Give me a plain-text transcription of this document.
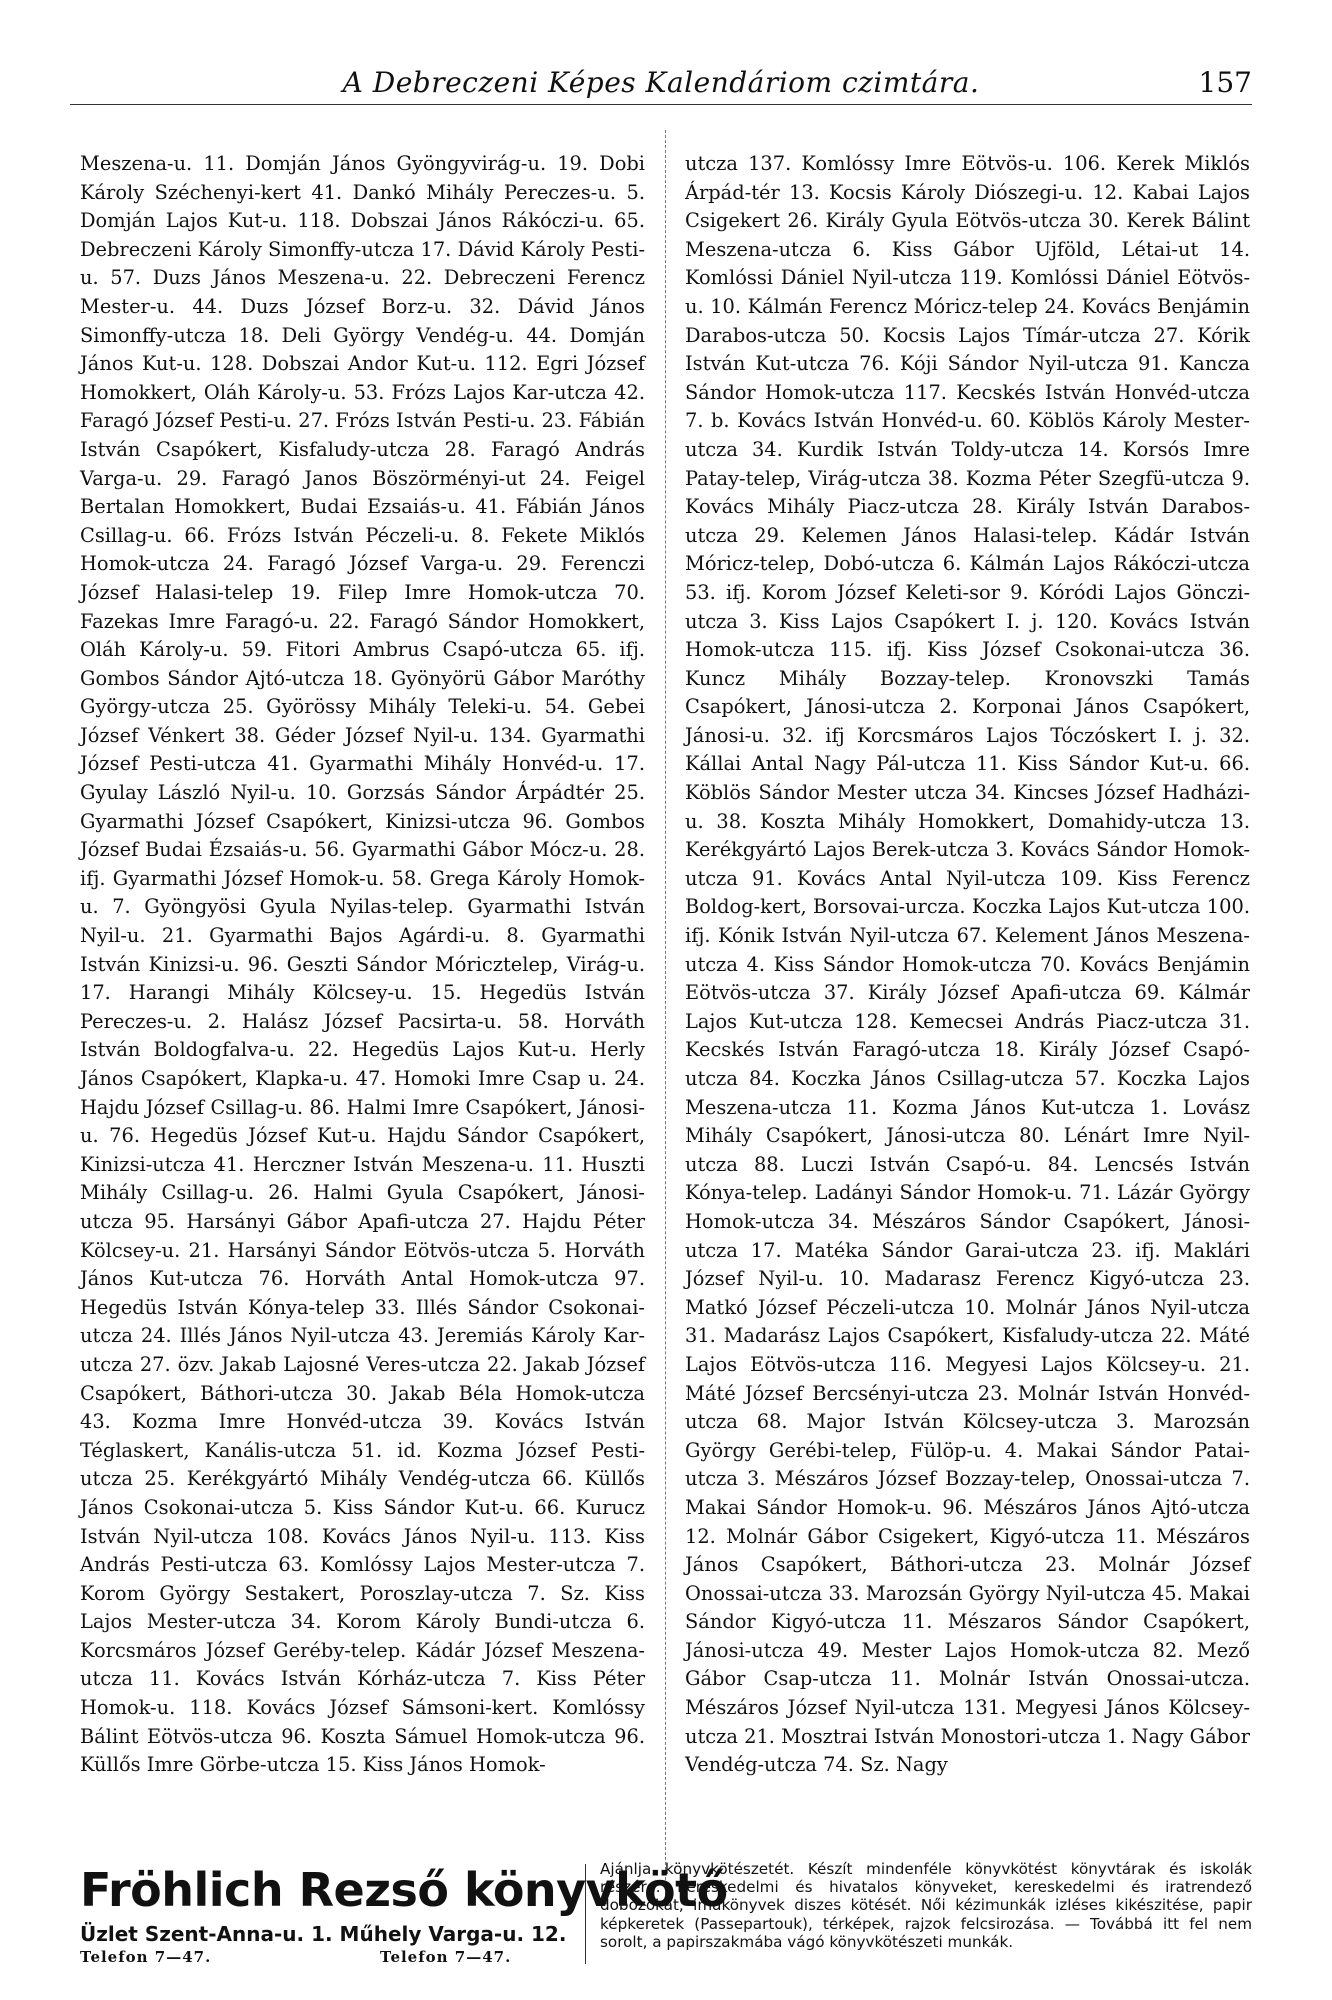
A Debreczeni Képes Kalendáriom czimtára.	157
Meszena-u. 11. Domján János Gyöngyvirág-u. 19. Dobi Károly Széchenyi-kert 41. Dankó Mihály Pereczes-u. 5. Domján Lajos Kut-u. 118. Dobszai János Rákóczi-u. 65. Debreczeni Károly Simonffy-utcza 17. Dávid Károly Pesti-u. 57. Duzs János Meszena-u. 22. Debreczeni Ferencz Mester-u. 44. Duzs József Borz-u. 32. Dávid János Simonffy-utcza 18. Deli György Vendég-u. 44. Domján János Kut-u. 128. Dobszai Andor Kut-u. 112. Egri József Homokkert, Oláh Károly-u. 53. Frózs Lajos Kar-utcza 42. Faragó József Pesti-u. 27. Frózs István Pesti-u. 23. Fábián István Csapókert, Kisfaludy-utcza 28. Faragó András Varga-u. 29. Faragó Janos Böszörményi-ut 24. Feigel Bertalan Homokkert, Budai Ezsaiás-u. 41. Fábián János Csillag-u. 66. Frózs István Péczeli-u. 8. Fekete Miklós Homok-utcza 24. Faragó József Varga-u. 29. Ferenczi József Halasi-telep 19. Filep Imre Homok-utcza 70. Fazekas Imre Faragó-u. 22. Faragó Sándor Homokkert, Oláh Károly-u. 59. Fitori Ambrus Csapó-utcza 65. ifj. Gombos Sándor Ajtó-utcza 18. Gyönyörü Gábor Maróthy György-utcza 25. Györössy Mihály Teleki-u. 54. Gebei József Vénkert 38. Géder József Nyil-u. 134. Gyarmathi József Pesti-utcza 41. Gyarmathi Mihály Honvéd-u. 17. Gyulay László Nyil-u. 10. Gorzsás Sándor Árpádtér 25. Gyarmathi József Csapókert, Kinizsi-utcza 96. Gombos József Budai Ézsaiás-u. 56. Gyarmathi Gábor Mócz-u. 28. ifj. Gyarmathi József Homok-u. 58. Grega Károly Homok-u. 7. Gyöngyösi Gyula Nyilas-telep. Gyarmathi István Nyil-u. 21. Gyarmathi Bajos Agárdi-u. 8. Gyarmathi István Kinizsi-u. 96. Geszti Sándor Móricztelep, Virág-u. 17. Harangi Mihály Kölcsey-u. 15. Hegedüs István Pereczes-u. 2. Halász József Pacsirta-u. 58. Horváth István Boldogfalva-u. 22. Hegedüs Lajos Kut-u. Herly János Csapókert, Klapka-u. 47. Homoki Imre Csap u. 24. Hajdu József Csillag-u. 86. Halmi Imre Csapókert, Jánosi-u. 76. Hegedüs József Kut-u. Hajdu Sándor Csapókert, Kinizsi-utcza 41. Herczner István Meszena-u. 11. Huszti Mihály Csillag-u. 26. Halmi Gyula Csapókert, Jánosi-utcza 95. Harsányi Gábor Apafi-utcza 27. Hajdu Péter Kölcsey-u. 21. Harsányi Sándor Eötvös-utcza 5. Horváth János Kut-utcza 76. Horváth Antal Homok-utcza 97. Hegedüs István Kónya-telep 33. Illés Sándor Csokonai-utcza 24. Illés János Nyil-utcza 43. Jeremiás Károly Kar-utcza 27. özv. Jakab Lajosné Veres-utcza 22. Jakab József Csapókert, Báthori-utcza 30. Jakab Béla Homok-utcza 43. Kozma Imre Honvéd-utcza 39. Kovács István Téglaskert, Kanális-utcza 51. id. Kozma József Pesti-utcza 25. Kerékgyártó Mihály Vendég-utcza 66. Küllős János Csokonai-utcza 5. Kiss Sándor Kut-u. 66. Kurucz István Nyil-utcza 108. Kovács János Nyil-u. 113. Kiss András Pesti-utcza 63. Komlóssy Lajos Mester-utcza 7. Korom György Sestakert, Poroszlay-utcza 7. Sz. Kiss Lajos Mester-utcza 34. Korom Károly Bundi-utcza 6. Korcsmáros József Geréby-telep. Kádár József Meszena-utcza 11. Kovács István Kórház-utcza 7. Kiss Péter Homok-u. 118. Kovács József Sámsoni-kert. Komlóssy Bálint Eötvös-utcza 96. Koszta Sámuel Homok-utcza 96. Küllős Imre Görbe-utcza 15. Kiss János Homok-
utcza 137. Komlóssy Imre Eötvös-u. 106. Kerek Miklós Árpád-tér 13. Kocsis Károly Diószegi-u. 12. Kabai Lajos Csigekert 26. Király Gyula Eötvös-utcza 30. Kerek Bálint Meszena-utcza 6. Kiss Gábor Ujföld, Létai-ut 14. Komlóssi Dániel Nyil-utcza 119. Komlóssi Dániel Eötvös-u. 10. Kálmán Ferencz Móricz-telep 24. Kovács Benjámin Darabos-utcza 50. Kocsis Lajos Tímár-utcza 27. Kórik István Kut-utcza 76. Kóji Sándor Nyil-utcza 91. Kancza Sándor Homok-utcza 117. Kecskés István Honvéd-utcza 7. b. Kovács István Honvéd-u. 60. Köblös Károly Mester-utcza 34. Kurdik István Toldy-utcza 14. Korsós Imre Patay-telep, Virág-utcza 38. Kozma Péter Szegfü-utcza 9. Kovács Mihály Piacz-utcza 28. Király István Darabos-utcza 29. Kelemen János Halasi-telep. Kádár István Móricz-telep, Dobó-utcza 6. Kálmán Lajos Rákóczi-utcza 53. ifj. Korom József Keleti-sor 9. Kóródi Lajos Gönczi-utcza 3. Kiss Lajos Csapókert I. j. 120. Kovács István Homok-utcza 115. ifj. Kiss József Csokonai-utcza 36. Kuncz Mihály Bozzay-telep. Kronovszki Tamás Csapókert, Jánosi-utcza 2. Korponai János Csapókert, Jánosi-u. 32. ifj Korcsmáros Lajos Tóczóskert I. j. 32. Kállai Antal Nagy Pál-utcza 11. Kiss Sándor Kut-u. 66. Köblös Sándor Mester utcza 34. Kincses József Hadházi-u. 38. Koszta Mihály Homokkert, Domahidy-utcza 13. Kerékgyártó Lajos Berek-utcza 3. Kovács Sándor Homok-utcza 91. Kovács Antal Nyil-utcza 109. Kiss Ferencz Boldog-kert, Borsovai-urcza. Koczka Lajos Kut-utcza 100. ifj. Kónik István Nyil-utcza 67. Kelement János Meszena-utcza 4. Kiss Sándor Homok-utcza 70. Kovács Benjámin Eötvös-utcza 37. Király József Apafi-utcza 69. Kálmár Lajos Kut-utcza 128. Kemecsei András Piacz-utcza 31. Kecskés István Faragó-utcza 18. Király József Csapó-utcza 84. Koczka János Csillag-utcza 57. Koczka Lajos Meszena-utcza 11. Kozma János Kut-utcza 1. Lovász Mihály Csapókert, Jánosi-utcza 80. Lénárt Imre Nyil-utcza 88. Luczi István Csapó-u. 84. Lencsés István Kónya-telep. Ladányi Sándor Homok-u. 71. Lázár György Homok-utcza 34. Mészáros Sándor Csapókert, Jánosi-utcza 17. Matéka Sándor Garai-utcza 23. ifj. Maklári József Nyil-u. 10. Madarasz Ferencz Kigyó-utcza 23. Matkó József Péczeli-utcza 10. Molnár János Nyil-utcza 31. Madarász Lajos Csapókert, Kisfaludy-utcza 22. Máté Lajos Eötvös-utcza 116. Megyesi Lajos Kölcsey-u. 21. Máté József Bercsényi-utcza 23. Molnár István Honvéd-utcza 68. Major István Kölcsey-utcza 3. Marozsán György Gerébi-telep, Fülöp-u. 4. Makai Sándor Patai-utcza 3. Mészáros József Bozzay-telep, Onossai-utcza 7. Makai Sándor Homok-u. 96. Mészáros János Ajtó-utcza 12. Molnár Gábor Csigekert, Kigyó-utcza 11. Mészáros János Csapókert, Báthori-utcza 23. Molnár József Onossai-utcza 33. Marozsán György Nyil-utcza 45. Makai Sándor Kigyó-utcza 11. Mészaros Sándor Csapókert, Jánosi-utcza 49. Mester Lajos Homok-utcza 82. Mező Gábor Csap-utcza 11. Molnár István Onossai-utcza. Mészáros József Nyil-utcza 131. Megyesi János Kölcsey-utcza 21. Mosztrai István Monostori-utcza 1. Nagy Gábor Vendég-utcza 74. Sz. Nagy
Fröhlich Rezső könyvkötő
Üzlet Szent-Anna-u. 1. Műhely Varga-u. 12.
Telefon 7—47.	Telefon 7—47.
Ajánlja könyvkötészetét. Készít mindenféle könyvkötést könyvtárak és iskolák részére. Kereskedelmi és hivatalos könyveket, kereskedelmi és iratrendező dobozokat, imakönyvek diszes kötését. Női kézimunkák izléses kikészitése, papir képkeretek (Passepartouk), térképek, rajzok felcsirozása. — Továbbá itt fel nem sorolt, a papirszakmába vágó könyvkötészeti munkák.
